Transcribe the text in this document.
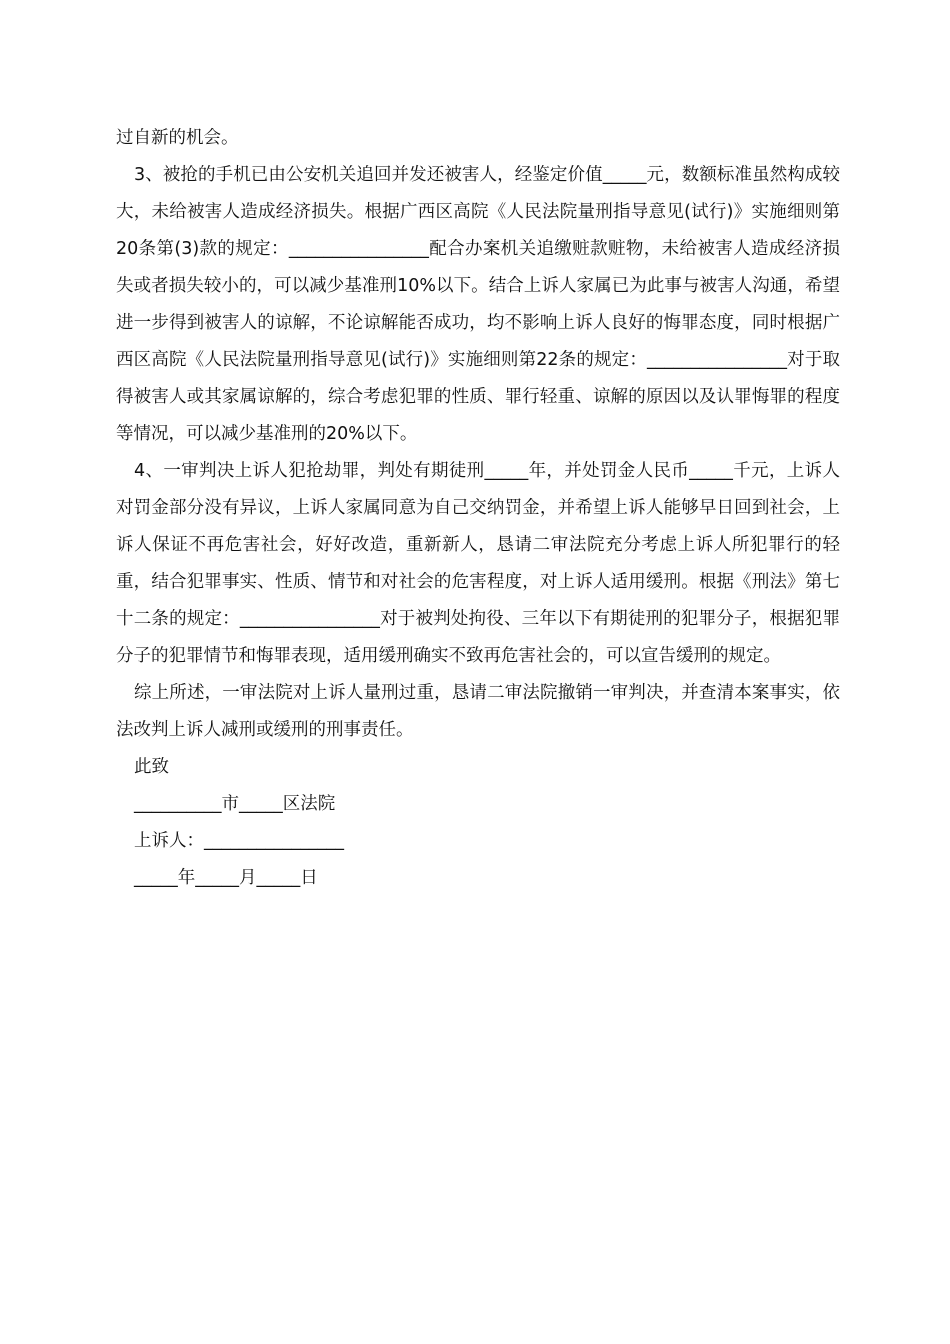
过自新的机会。

3、被抢的手机已由公安机关追回并发还被害人，经鉴定价值_____元，数额标准虽然构成较大，未给被害人造成经济损失。根据广西区高院《人民法院量刑指导意见(试行)》实施细则第20条第(3)款的规定：________________配合办案机关追缴赃款赃物，未给被害人造成经济损失或者损失较小的，可以减少基准刑10%以下。结合上诉人家属已为此事与被害人沟通，希望进一步得到被害人的谅解，不论谅解能否成功，均不影响上诉人良好的悔罪态度，同时根据广西区高院《人民法院量刑指导意见(试行)》实施细则第22条的规定：________________对于取得被害人或其家属谅解的，综合考虑犯罪的性质、罪行轻重、谅解的原因以及认罪悔罪的程度等情况，可以减少基准刑的20%以下。

4、一审判决上诉人犯抢劫罪，判处有期徒刑_____年，并处罚金人民币_____千元，上诉人对罚金部分没有异议，上诉人家属同意为自己交纳罚金，并希望上诉人能够早日回到社会，上诉人保证不再危害社会，好好改造，重新新人，恳请二审法院充分考虑上诉人所犯罪行的轻重，结合犯罪事实、性质、情节和对社会的危害程度，对上诉人适用缓刑。根据《刑法》第七十二条的规定：________________对于被判处拘役、三年以下有期徒刑的犯罪分子，根据犯罪分子的犯罪情节和悔罪表现，适用缓刑确实不致再危害社会的，可以宣告缓刑的规定。

综上所述，一审法院对上诉人量刑过重，恳请二审法院撤销一审判决，并查清本案事实，依法改判上诉人减刑或缓刑的刑事责任。

此致

__________市_____区法院

上诉人：________________

_____年_____月_____日
